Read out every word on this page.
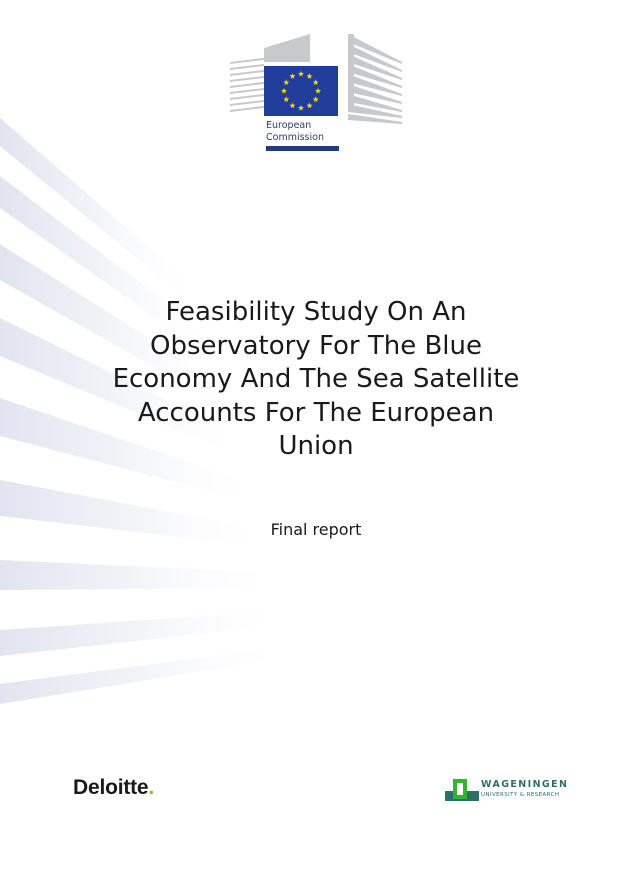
European
Commission
Feasibility Study On An
Observatory For The Blue
Economy And The Sea Satellite
Accounts For The European
Union
Final report
Deloitte.	WAGENINGEN
UNIVERSITY & RESEARCH
